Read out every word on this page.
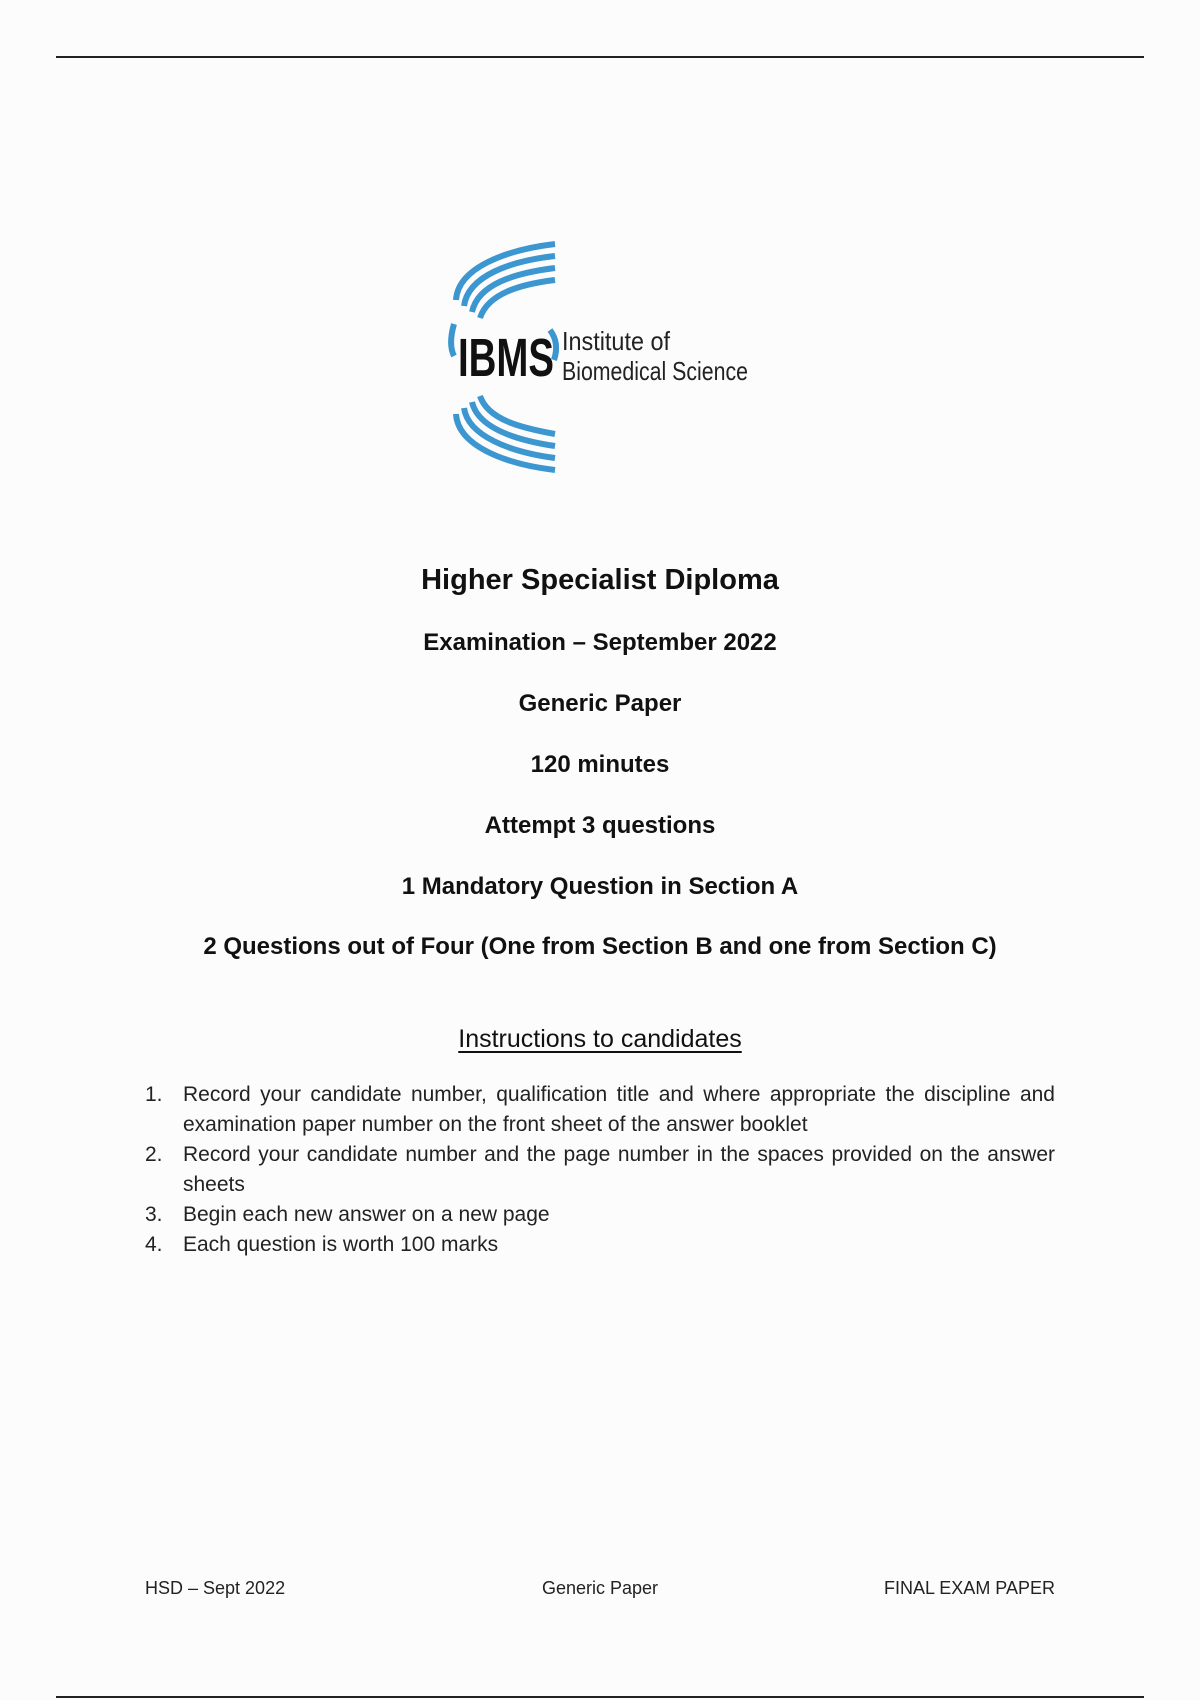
IBMS Institute of
Biomedical Science

Higher Specialist Diploma

Examination – September 2022

Generic Paper

120 minutes

Attempt 3 questions

1 Mandatory Question in Section A

2 Questions out of Four (One from Section B and one from Section C)

Instructions to candidates
1. Record your candidate number, qualification title and where appropriate the discipline and examination paper number on the front sheet of the answer booklet
2. Record your candidate number and the page number in the spaces provided on the answer sheets
3. Begin each new answer on a new page
4. Each question is worth 100 marks
HSD – Sept 2022	Generic Paper	FINAL EXAM PAPER
